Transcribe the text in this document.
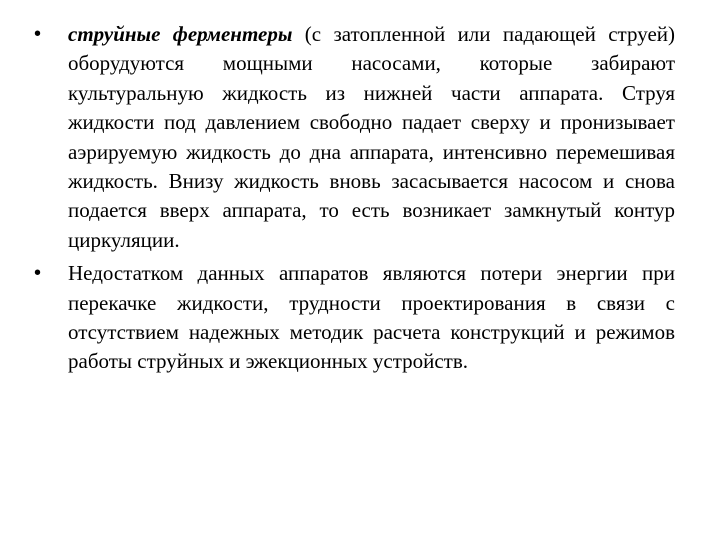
• струйные ферментеры (с затопленной или падающей струей) оборудуются мощными насосами, которые забирают культуральную жидкость из нижней части аппарата. Струя жидкости под давлением свободно падает сверху и пронизывает аэрируемую жидкость до дна аппарата, интенсивно перемешивая жидкость. Внизу жидкость вновь засасывается насосом и снова подается вверх аппарата, то есть возникает замкнутый контур циркуляции.
• Недостатком данных аппаратов являются потери энергии при перекачке жидкости, трудности проектирования в связи с отсутствием надежных методик расчета конструкций и режимов работы струйных и эжекционных устройств.
